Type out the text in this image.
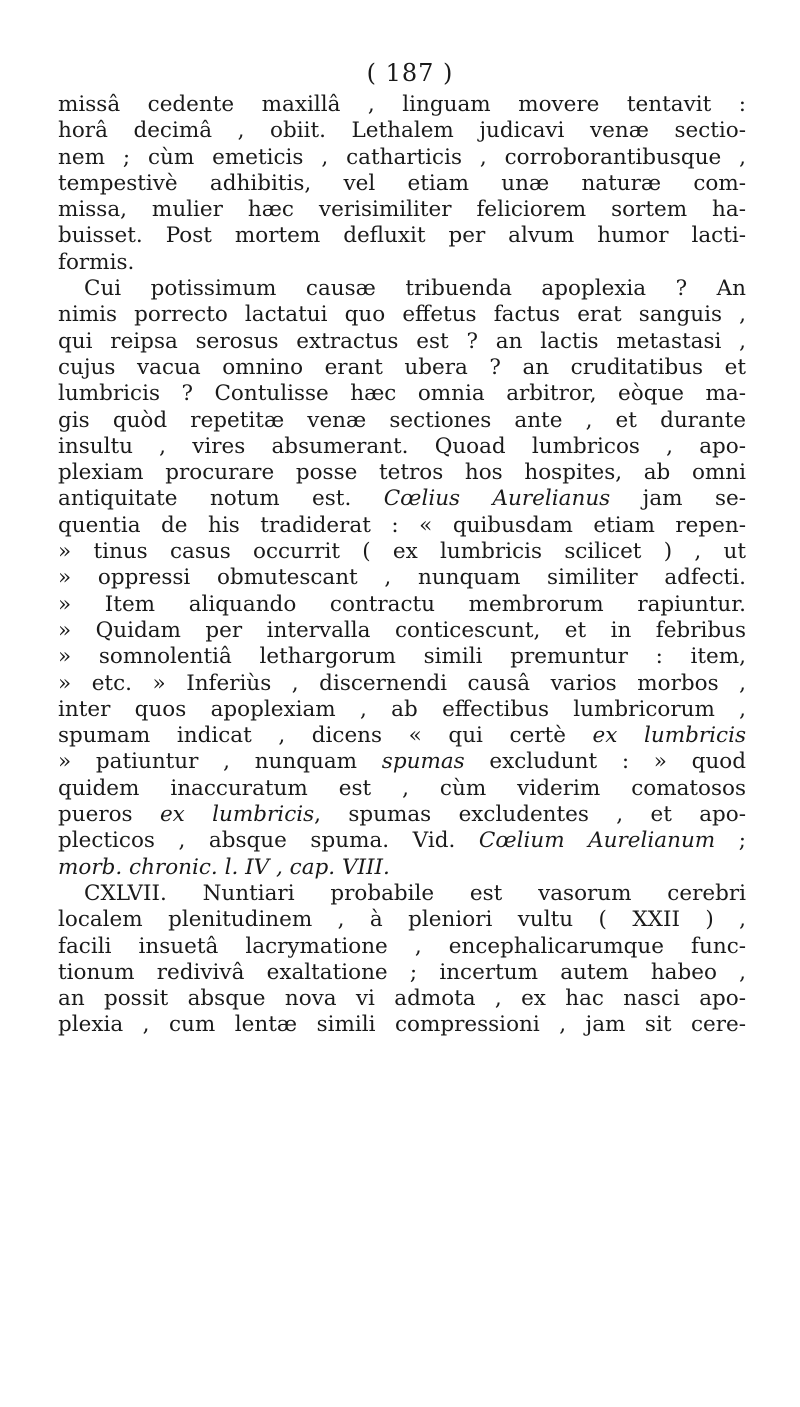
( 187 )
missâ cedente maxillâ , linguam movere tentavit :
horâ decimâ , obiit. Lethalem judicavi venæ sectio-
nem ; cùm emeticis , catharticis , corroborantibusque ,
tempestivè adhibitis, vel etiam unæ naturæ com-
missa, mulier hæc verisimiliter feliciorem sortem ha-
buisset. Post mortem defluxit per alvum humor lacti-
formis.
Cui potissimum causæ tribuenda apoplexia ? An
nimis porrecto lactatui quo effetus factus erat sanguis ,
qui reipsa serosus extractus est ? an lactis metastasi ,
cujus vacua omnino erant ubera ? an cruditatibus et
lumbricis ? Contulisse hæc omnia arbitror, eòque ma-
gis quòd repetitæ venæ sectiones ante , et durante
insultu , vires absumerant. Quoad lumbricos , apo-
plexiam procurare posse tetros hos hospites, ab omni
antiquitate notum est. Cœlius Aurelianus jam se-
quentia de his tradiderat : « quibusdam etiam repen-
» tinus casus occurrit ( ex lumbricis scilicet ) , ut
» oppressi obmutescant , nunquam similiter adfecti.
» Item aliquando contractu membrorum rapiuntur.
» Quidam per intervalla conticescunt, et in febribus
» somnolentiâ lethargorum simili premuntur : item,
» etc. » Inferiùs , discernendi causâ varios morbos ,
inter quos apoplexiam , ab effectibus lumbricorum ,
spumam indicat , dicens « qui certè ex lumbricis
» patiuntur , nunquam spumas excludunt : » quod
quidem inaccuratum est , cùm viderim comatosos
pueros ex lumbricis, spumas excludentes , et apo-
plecticos , absque spuma. Vid. Cœlium Aurelianum ;
morb. chronic. l. IV , cap. VIII.
CXLVII. Nuntiari probabile est vasorum cerebri
localem plenitudinem , à pleniori vultu ( XXII ) ,
facili insuetâ lacrymatione , encephalicarumque func-
tionum redivivâ exaltatione ; incertum autem habeo ,
an possit absque nova vi admota , ex hac nasci apo-
plexia , cum lentæ simili compressioni , jam sit cere-
